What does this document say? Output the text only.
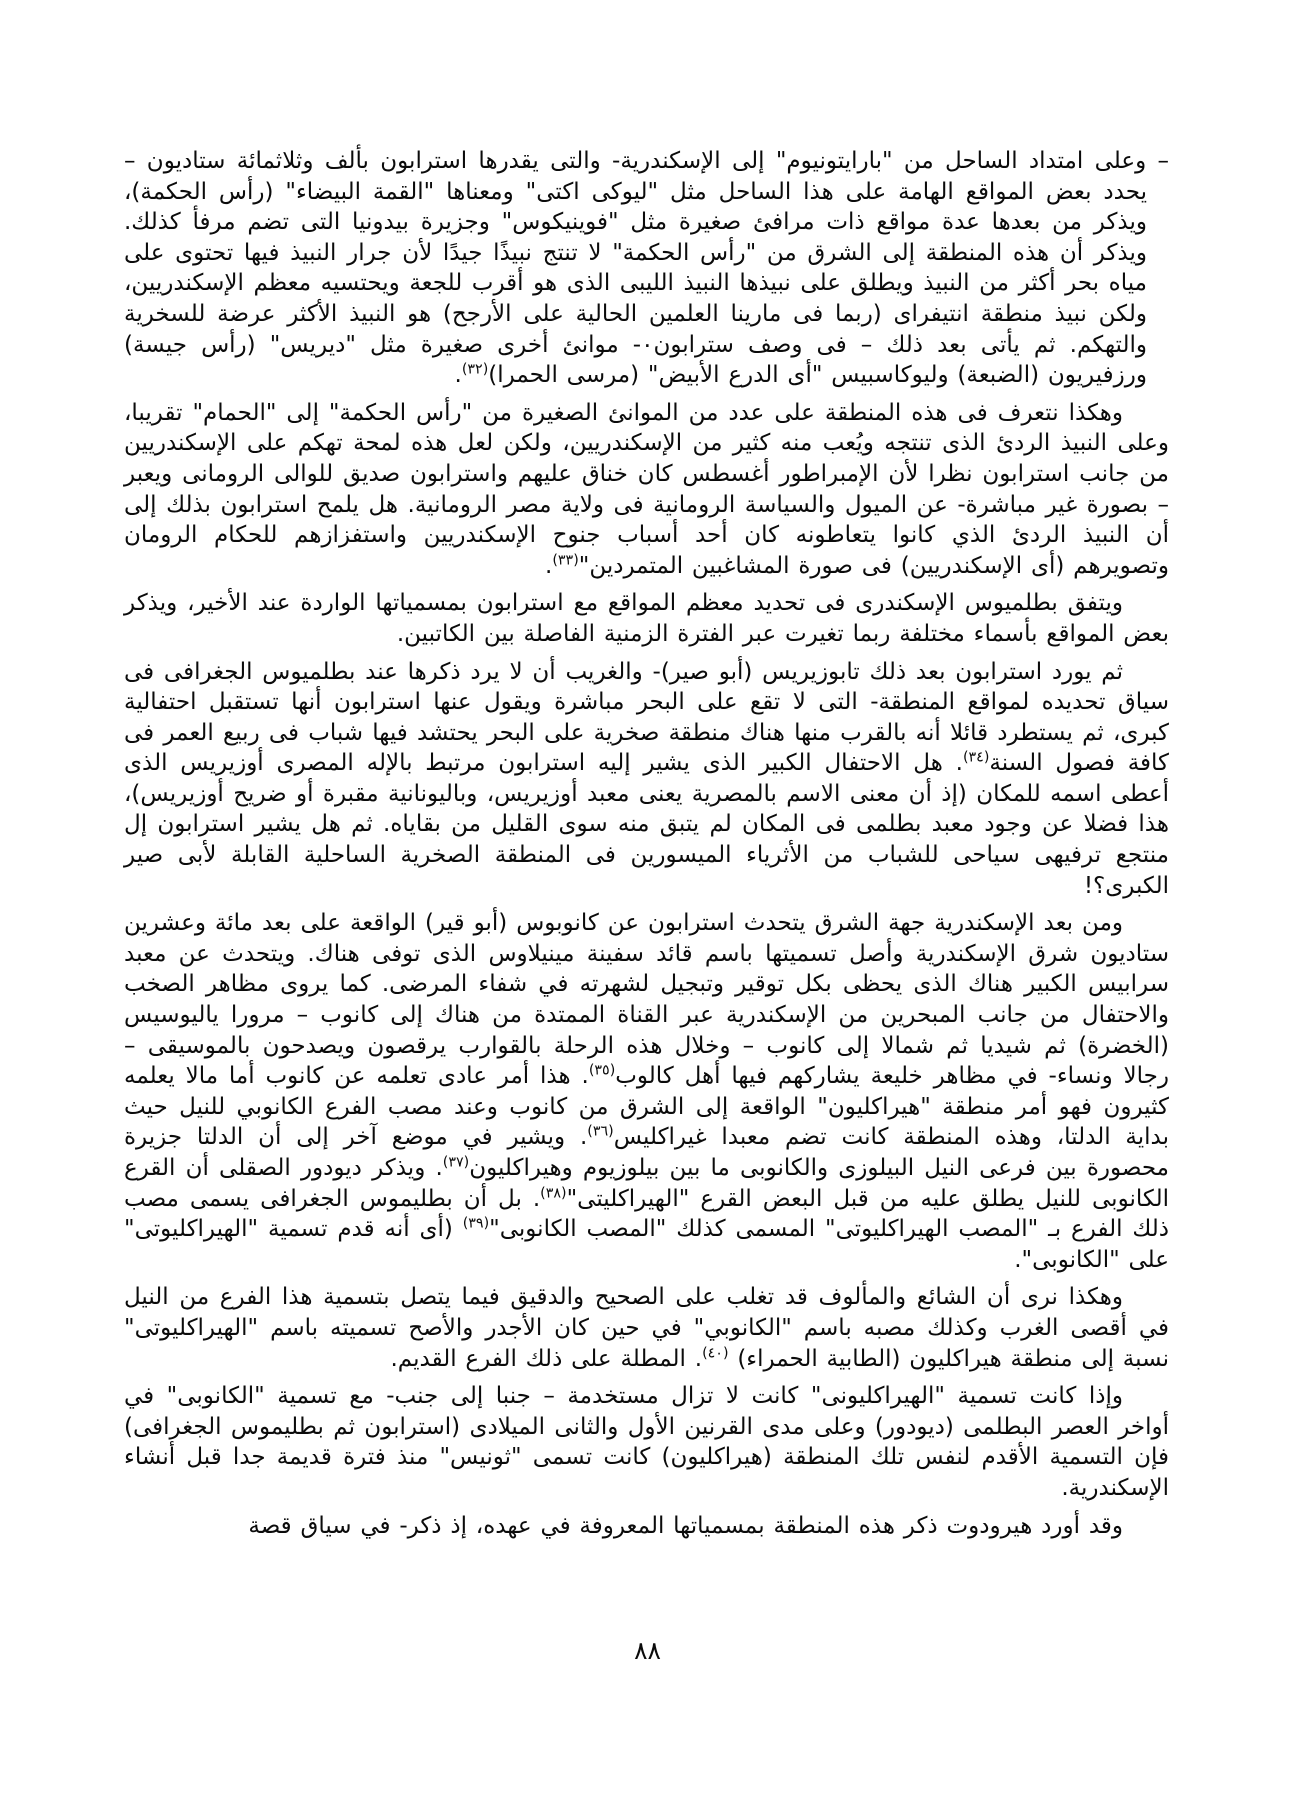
– وعلى امتداد الساحل من "بارايتونيوم" إلى الإسكندرية- والتى يقدرها استرابون بألف وثلاثمائة ستاديون – يحدد بعض المواقع الهامة على هذا الساحل مثل "ليوكى اكتى" ومعناها "القمة البيضاء" (رأس الحكمة)، ويذكر من بعدها عدة مواقع ذات مرافئ صغيرة مثل "فوينيكوس" وجزيرة بيدونيا التى تضم مرفأ كذلك. ويذكر أن هذه المنطقة إلى الشرق من "رأس الحكمة" لا تنتج نبيذًا جيدًا لأن جرار النبيذ فيها تحتوى على مياه بحر أكثر من النبيذ ويطلق على نبيذها النبيذ الليبى الذى هو أقرب للجعة ويحتسيه معظم الإسكندريين، ولكن نبيذ منطقة انتيفراى (ربما فى مارينا العلمين الحالية على الأرجح) هو النبيذ الأكثر عرضة للسخرية والتهكم. ثم يأتى بعد ذلك – فى وصف سترابون٠- موانئ أخرى صغيرة مثل "ديريس" (رأس جيسة) ورزفيريون (الضبعة) وليوكاسبيس "أى الدرع الأبيض" (مرسى الحمرا)$^{(٣٢)}$.

وهكذا نتعرف فى هذه المنطقة على عدد من الموانئ الصغيرة من "رأس الحكمة" إلى "الحمام" تقريبا، وعلى النبيذ الردئ الذى تنتجه ويُعب منه كثير من الإسكندريين، ولكن لعل هذه لمحة تهكم على الإسكندريين من جانب استرابون نظرا لأن الإمبراطور أغسطس كان خناق عليهم واسترابون صديق للوالى الرومانى ويعبر – بصورة غير مباشرة- عن الميول والسياسة الرومانية فى ولاية مصر الرومانية. هل يلمح استرابون بذلك إلى أن النبيذ الردئ الذي كانوا يتعاطونه كان أحد أسباب جنوح الإسكندريين واستفزازهم للحكام الرومان وتصويرهم (أى الإسكندريين) فى صورة المشاغبين المتمردين"$^{(٣٣)}$.

ويتفق بطلميوس الإسكندرى فى تحديد معظم المواقع مع استرابون بمسمياتها الواردة عند الأخير، ويذكر بعض المواقع بأسماء مختلفة ربما تغيرت عبر الفترة الزمنية الفاصلة بين الكاتبين.

ثم يورد استرابون بعد ذلك تابوزيريس (أبو صير)- والغريب أن لا يرد ذكرها عند بطلميوس الجغرافى فى سياق تحديده لمواقع المنطقة- التى لا تقع على البحر مباشرة ويقول عنها استرابون أنها تستقبل احتفالية كبرى، ثم يستطرد قائلا أنه بالقرب منها هناك منطقة صخرية على البحر يحتشد فيها شباب فى ربيع العمر فى كافة فصول السنة$^{(٣٤)}$. هل الاحتفال الكبير الذى يشير إليه استرابون مرتبط بالإله المصرى أوزيريس الذى أعطى اسمه للمكان (إذ أن معنى الاسم بالمصرية يعنى معبد أوزيريس، وباليونانية مقبرة أو ضريح أوزيريس)، هذا فضلا عن وجود معبد بطلمى فى المكان لم يتبق منه سوى القليل من بقاياه. ثم هل يشير استرابون إل منتجع ترفيهى سياحى للشباب من الأثرياء الميسورين فى المنطقة الصخرية الساحلية القابلة لأبى صير الكبرى؟!

ومن بعد الإسكندرية جهة الشرق يتحدث استرابون عن كانوبوس (أبو قير) الواقعة على بعد مائة وعشرين ستاديون شرق الإسكندرية وأصل تسميتها باسم قائد سفينة مينيلاوس الذى توفى هناك. ويتحدث عن معبد سرابيس الكبير هناك الذى يحظى بكل توقير وتبجيل لشهرته في شفاء المرضى. كما يروى مظاهر الصخب والاحتفال من جانب المبحرين من الإسكندرية عبر القناة الممتدة من هناك إلى كانوب – مرورا ياليوسيس (الخضرة) ثم شيديا ثم شمالا إلى كانوب – وخلال هذه الرحلة بالقوارب يرقصون ويصدحون بالموسيقى – رجالا ونساء- في مظاهر خليعة يشاركهم فيها أهل كالوب$^{(٣٥)}$. هذا أمر عادى تعلمه عن كانوب أما مالا يعلمه كثيرون فهو أمر منطقة "هيراكليون" الواقعة إلى الشرق من كانوب وعند مصب الفرع الكانوبي للنيل حيث بداية الدلتا، وهذه المنطقة كانت تضم معبدا غيراكليس$^{(٣٦)}$. ويشير في موضع آخر إلى أن الدلتا جزيرة محصورة بين فرعى النيل البيلوزى والكانوبى ما بين بيلوزيوم وهيراكليون$^{(٣٧)}$. ويذكر ديودور الصقلى أن القرع الكانوبى للنيل يطلق عليه من قبل البعض القرع "الهيراكليتى"$^{(٣٨)}$. بل أن بطليموس الجغرافى يسمى مصب ذلك الفرع بـ "المصب الهيراكليوتى" المسمى كذلك "المصب الكانوبى"$^{(٣٩)}$ (أى أنه قدم تسمية "الهيراكليوتى" على "الكانوبى".

وهكذا نرى أن الشائع والمألوف قد تغلب على الصحيح والدقيق فيما يتصل بتسمية هذا الفرع من النيل في أقصى الغرب وكذلك مصبه باسم "الكانوبي" في حين كان الأجدر والأصح تسميته باسم "الهيراكليوتى" نسبة إلى منطقة هيراكليون (الطابية الحمراء) $^{(٤٠)}$. المطلة على ذلك الفرع القديم.

وإذا كانت تسمية "الهيراكليونى" كانت لا تزال مستخدمة – جنبا إلى جنب- مع تسمية "الكانوبى" في أواخر العصر البطلمى (ديودور) وعلى مدى القرنين الأول والثانى الميلادى (استرابون ثم بطليموس الجغرافى) فإن التسمية الأقدم لنفس تلك المنطقة (هيراكليون) كانت تسمى "ثونيس" منذ فترة قديمة جدا قبل أنشاء الإسكندرية.

وقد أورد هيرودوت ذكر هذه المنطقة بمسمياتها المعروفة في عهده، إذ ذكر- في سياق قصة

٨٨
